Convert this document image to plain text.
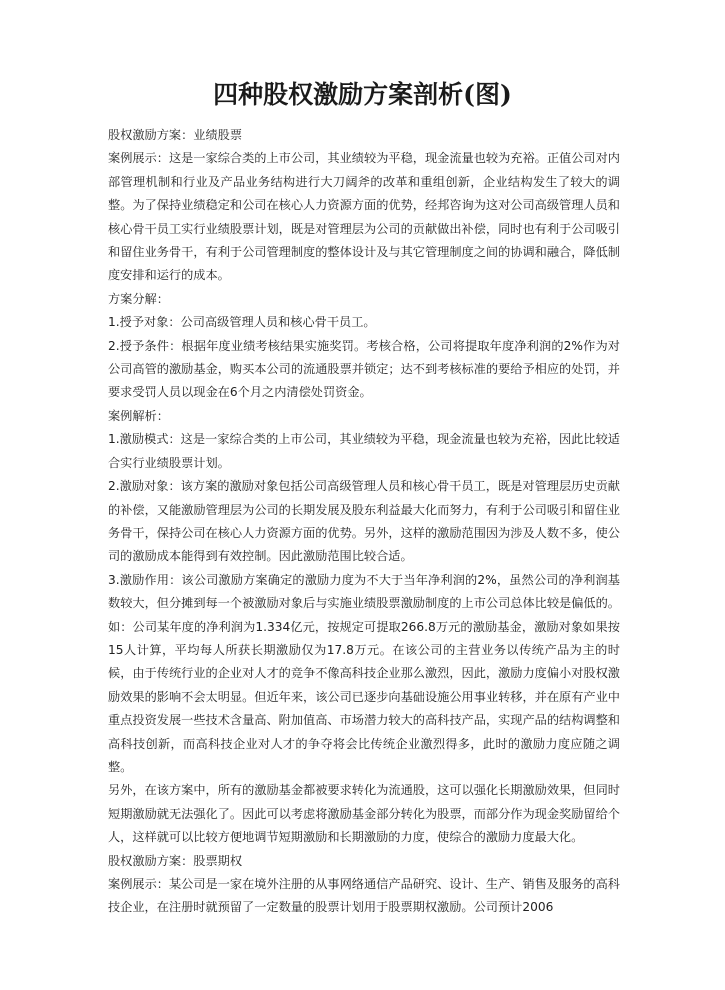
四种股权激励方案剖析(图)

股权激励方案：业绩股票

案例展示：这是一家综合类的上市公司，其业绩较为平稳，现金流量也较为充裕。正值公司对内部管理机制和行业及产品业务结构进行大刀阔斧的改革和重组创新，企业结构发生了较大的调整。为了保持业绩稳定和公司在核心人力资源方面的优势，经邦咨询为这对公司高级管理人员和核心骨干员工实行业绩股票计划，既是对管理层为公司的贡献做出补偿，同时也有利于公司吸引和留住业务骨干，有利于公司管理制度的整体设计及与其它管理制度之间的协调和融合，降低制度安排和运行的成本。

方案分解：

1.授予对象：公司高级管理人员和核心骨干员工。

2.授予条件：根据年度业绩考核结果实施奖罚。考核合格，公司将提取年度净利润的2%作为对公司高管的激励基金，购买本公司的流通股票并锁定；达不到考核标准的要给予相应的处罚，并要求受罚人员以现金在6个月之内清偿处罚资金。

案例解析：

1.激励模式：这是一家综合类的上市公司，其业绩较为平稳，现金流量也较为充裕，因此比较适合实行业绩股票计划。

2.激励对象：该方案的激励对象包括公司高级管理人员和核心骨干员工，既是对管理层历史贡献的补偿，又能激励管理层为公司的长期发展及股东利益最大化而努力，有利于公司吸引和留住业务骨干，保持公司在核心人力资源方面的优势。另外，这样的激励范围因为涉及人数不多，使公司的激励成本能得到有效控制。因此激励范围比较合适。

3.激励作用：该公司激励方案确定的激励力度为不大于当年净利润的2%，虽然公司的净利润基数较大，但分摊到每一个被激励对象后与实施业绩股票激励制度的上市公司总体比较是偏低的。如：公司某年度的净利润为1.334亿元，按规定可提取266.8万元的激励基金，激励对象如果按15人计算，平均每人所获长期激励仅为17.8万元。在该公司的主营业务以传统产品为主的时候，由于传统行业的企业对人才的竞争不像高科技企业那么激烈，因此，激励力度偏小对股权激励效果的影响不会太明显。但近年来，该公司已逐步向基础设施公用事业转移，并在原有产业中重点投资发展一些技术含量高、附加值高、市场潜力较大的高科技产品，实现产品的结构调整和高科技创新，而高科技企业对人才的争夺将会比传统企业激烈得多，此时的激励力度应随之调整。

另外，在该方案中，所有的激励基金都被要求转化为流通股，这可以强化长期激励效果，但同时短期激励就无法强化了。因此可以考虑将激励基金部分转化为股票，而部分作为现金奖励留给个人，这样就可以比较方便地调节短期激励和长期激励的力度，使综合的激励力度最大化。

股权激励方案：股票期权

案例展示：某公司是一家在境外注册的从事网络通信产品研究、设计、生产、销售及服务的高科技企业，在注册时就预留了一定数量的股票计划用于股票期权激励。公司预计2006
